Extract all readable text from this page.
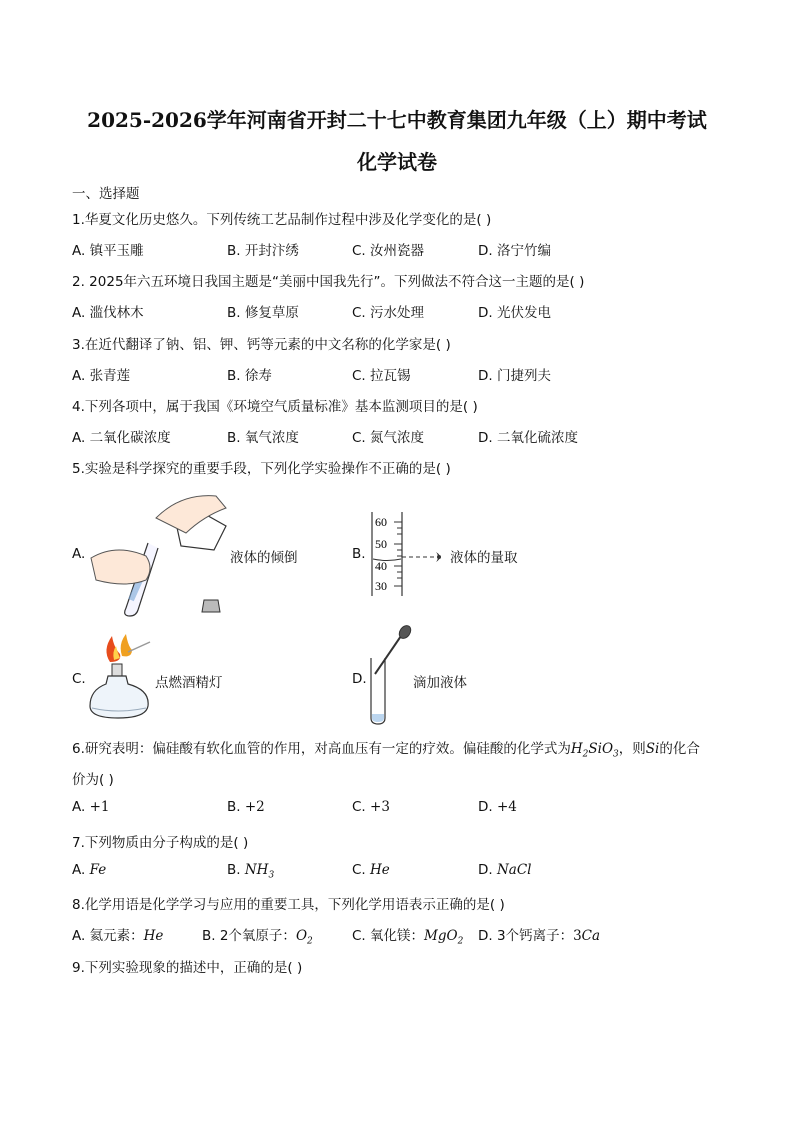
2025-2026学年河南省开封二十七中教育集团九年级（上）期中考试
化学试卷
一、选择题
1.华夏文化历史悠久。下列传统工艺品制作过程中涉及化学变化的是( )
A. 镇平玉雕	B. 开封汴绣	C. 汝州瓷器	D. 洛宁竹编
2. 2025年六五环境日我国主题是“美丽中国我先行”。下列做法不符合这一主题的是( )
A. 滥伐林木	B. 修复草原	C. 污水处理	D. 光伏发电
3.在近代翻译了钠、铝、钾、钙等元素的中文名称的化学家是( )
A. 张青莲	B. 徐寿	C. 拉瓦锡	D. 门捷列夫
4.下列各项中，属于我国《环境空气质量标准》基本监测项目的是( )
A. 二氧化碳浓度	B. 氧气浓度	C. 氮气浓度	D. 二氧化硫浓度
5.实验是科学探究的重要手段，下列化学实验操作不正确的是( )
A.	液体的倾倒	B.
60
50
40
30
液体的量取
C.	点燃酒精灯	D.	滴加液体
6.研究表明：偏硅酸有软化血管的作用，对高血压有一定的疗效。偏硅酸的化学式为$H_2SiO_3$，则Si的化合
价为( )
A. +1	B. +2	C. +3	D. +4
7.下列物质由分子构成的是( )
A. Fe	B. $NH_3$	C. He	D. NaCl
8.化学用语是化学学习与应用的重要工具，下列化学用语表示正确的是( )
A. 氦元素：He	B. 2个氧原子：$O_2$	C. 氧化镁：MgO$_2$ D. 3个钙离子：3Ca
9.下列实验现象的描述中，正确的是( )
